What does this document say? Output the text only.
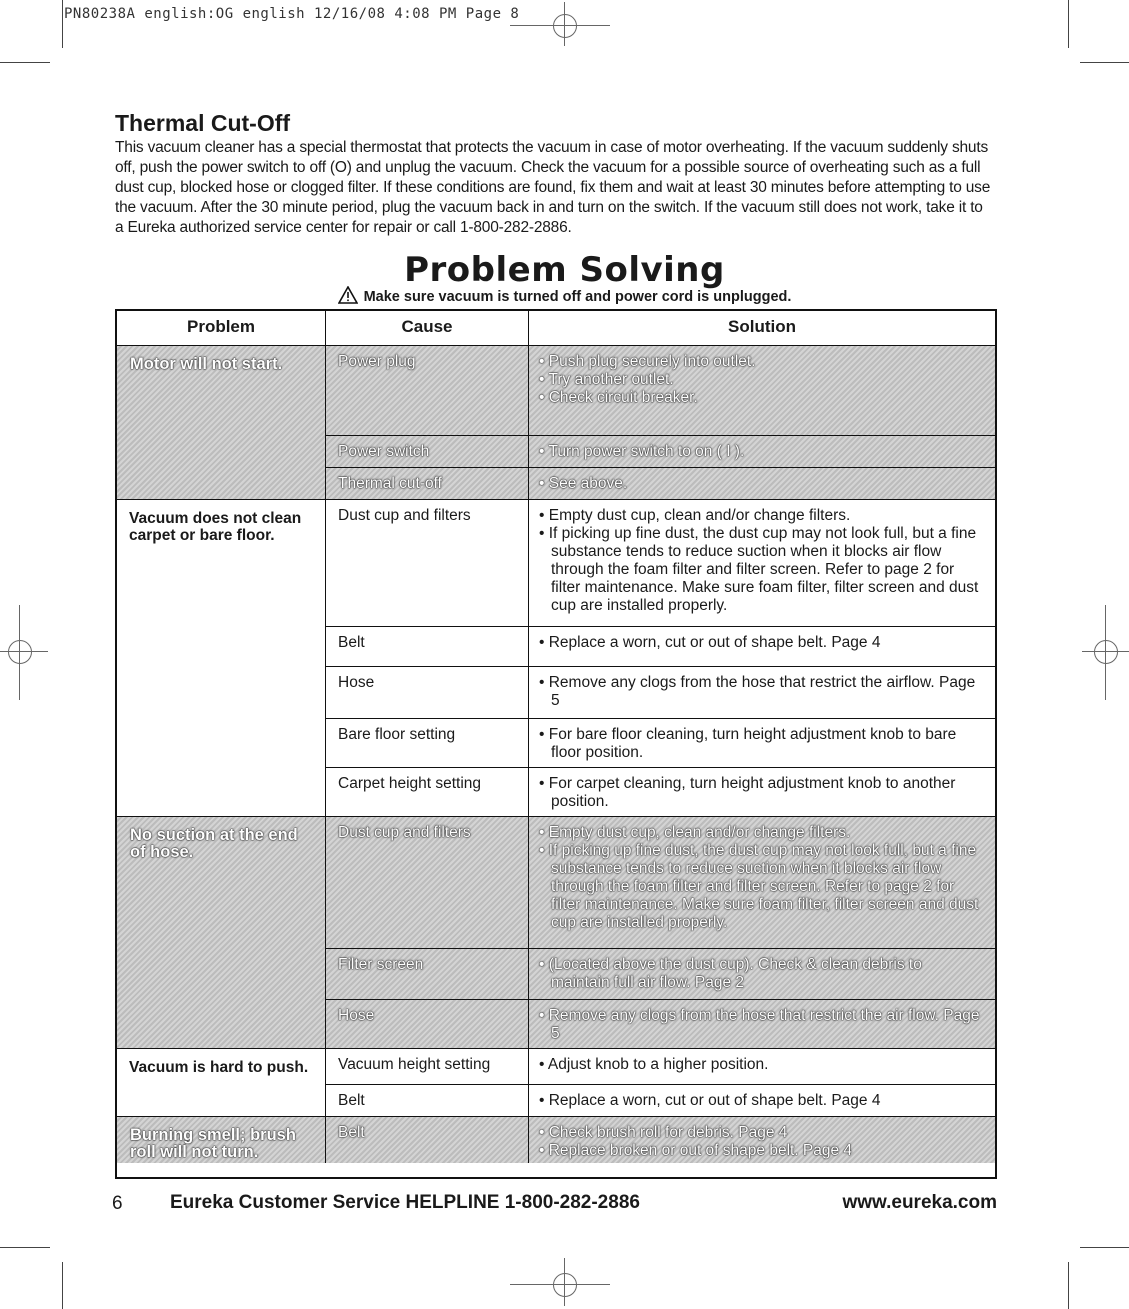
PN80238A english:OG english 12/16/08 4:08 PM Page 8
Thermal Cut-Off

This vacuum cleaner has a special thermostat that protects the vacuum in case of motor overheating. If the vacuum suddenly shuts off, push the power switch to off (O) and unplug the vacuum. Check the vacuum for a possible source of overheating such as a full dust cup, blocked hose or clogged filter. If these conditions are found, fix them and wait at least 30 minutes before attempting to use the vacuum. After the 30 minute period, plug the vacuum back in and turn on the switch. If the vacuum still does not work, take it to a Eureka authorized service center for repair or call 1-800-282-2886.

Problem Solving
Make sure vacuum is turned off and power cord is unplugged.
Problem	Cause	Solution
Motor will not start.	Power plug	• Push plug securely into outlet.
• Try another outlet.
• Check circuit breaker.
Power switch	• Turn power switch to on ( I ).
Thermal cut-off	• See above.
Vacuum does not clean carpet or bare floor.
Dust cup and filters	• Empty dust cup, clean and/or change filters.
• If picking up fine dust, the dust cup may not look full, but a fine substance tends to reduce suction when it blocks air flow through the foam filter and filter screen. Refer to page 2 for filter maintenance. Make sure foam filter, filter screen and dust cup are installed properly.
Belt	• Replace a worn, cut or out of shape belt. Page 4
Hose	• Remove any clogs from the hose that restrict the airflow. Page 5
Bare floor setting	• For bare floor cleaning, turn height adjustment knob to bare floor position.
Carpet height setting	• For carpet cleaning, turn height adjustment knob to another position.
No suction at the end of hose.
Dust cup and filters	• Empty dust cup, clean and/or change filters.
• If picking up fine dust, the dust cup may not look full, but a fine substance tends to reduce suction when it blocks air flow through the foam filter and filter screen. Refer to page 2 for filter maintenance. Make sure foam filter, filter screen and dust cup are installed properly.
Filter screen	• (Located above the dust cup). Check & clean debris to maintain full air flow. Page 2
Hose	• Remove any clogs from the hose that restrict the air flow. Page 5
Vacuum is hard to push.	Vacuum height setting	• Adjust knob to a higher position.
Belt	• Replace a worn, cut or out of shape belt. Page 4
Burning smell; brush roll will not turn.
Belt	• Check brush roll for debris. Page 4
• Replace broken or out of shape belt. Page 4
6 Eureka Customer Service HELPLINE 1-800-282-2886	www.eureka.com
